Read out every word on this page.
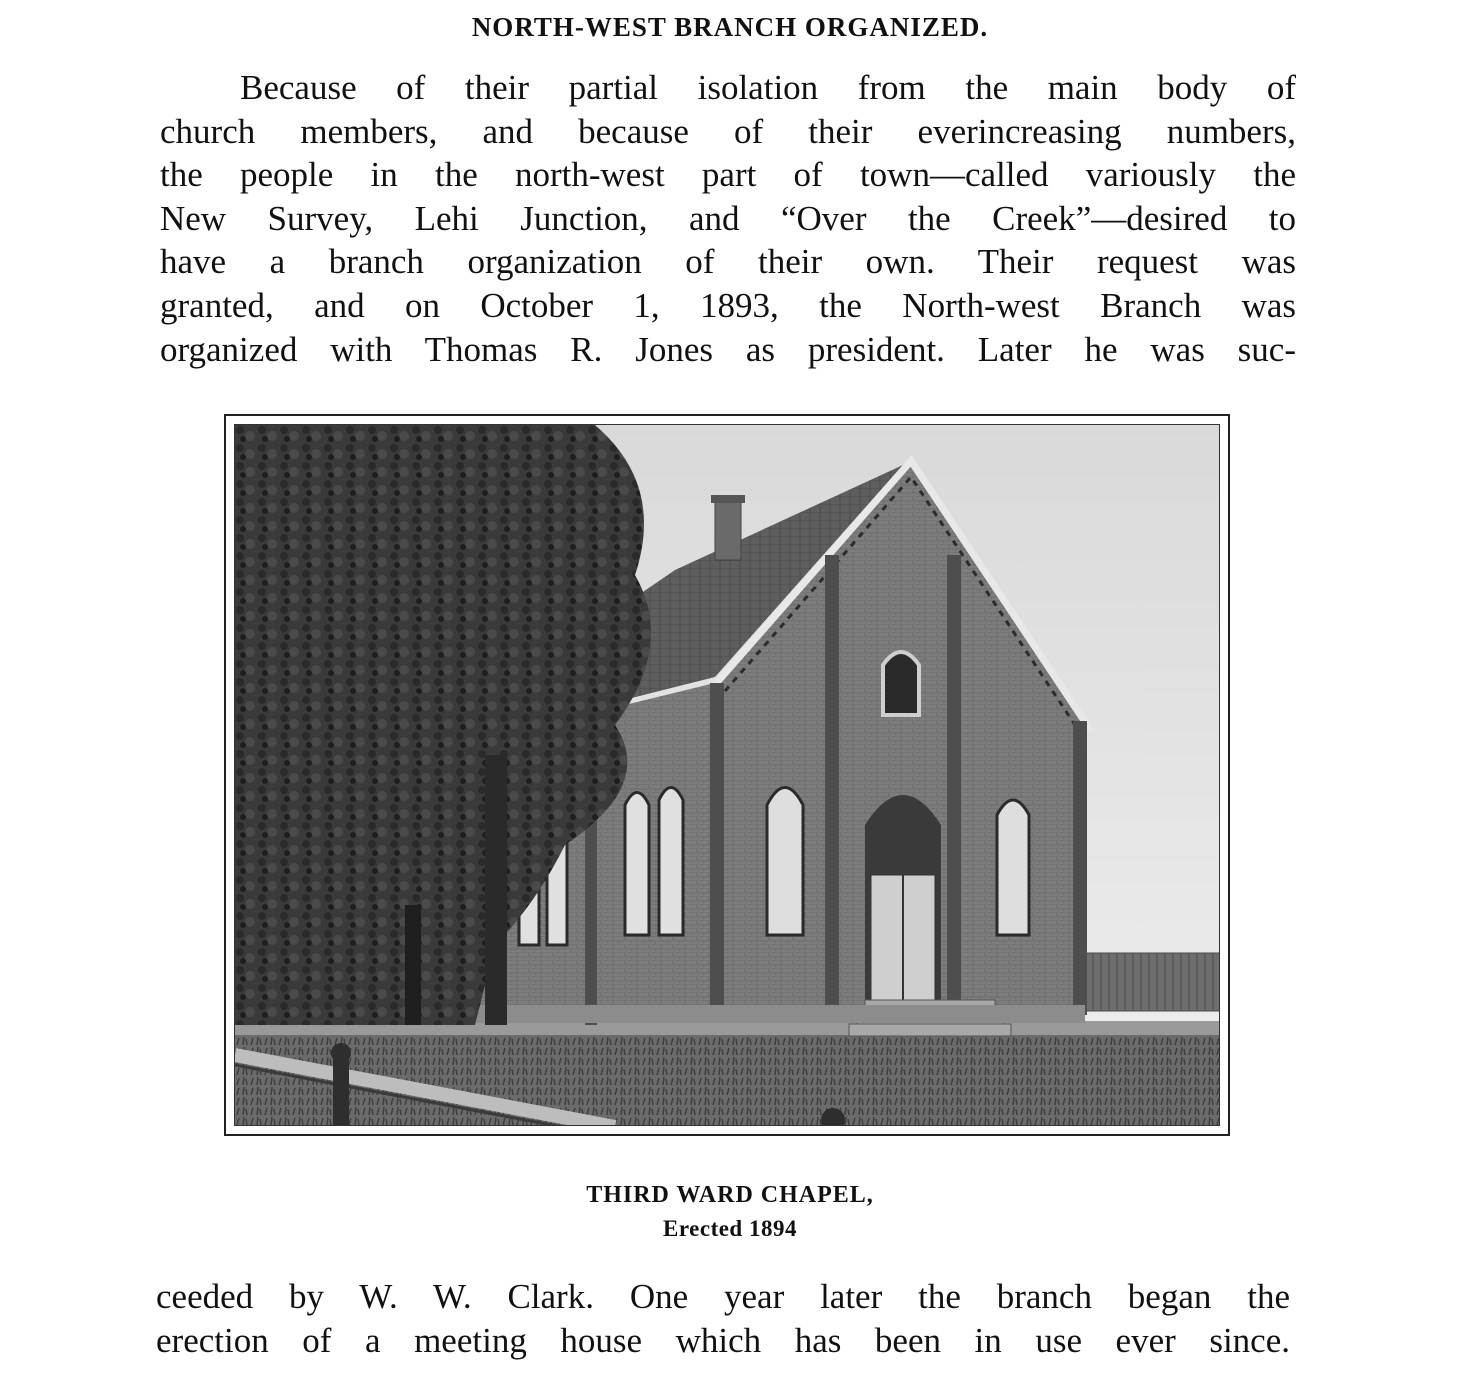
NORTH-WEST BRANCH ORGANIZED.
Because of their partial isolation from the main body of
church members, and because of their everincreasing numbers,
the people in the north-west part of town—called variously the
New Survey, Lehi Junction, and “Over the Creek”—desired to
have a branch organization of their own. Their request was
granted, and on October 1, 1893, the North-west Branch was
organized with Thomas R. Jones as president. Later he was suc-
THIRD WARD CHAPEL,
Erected 1894
ceeded by W. W. Clark. One year later the branch began the
erection of a meeting house which has been in use ever since.
